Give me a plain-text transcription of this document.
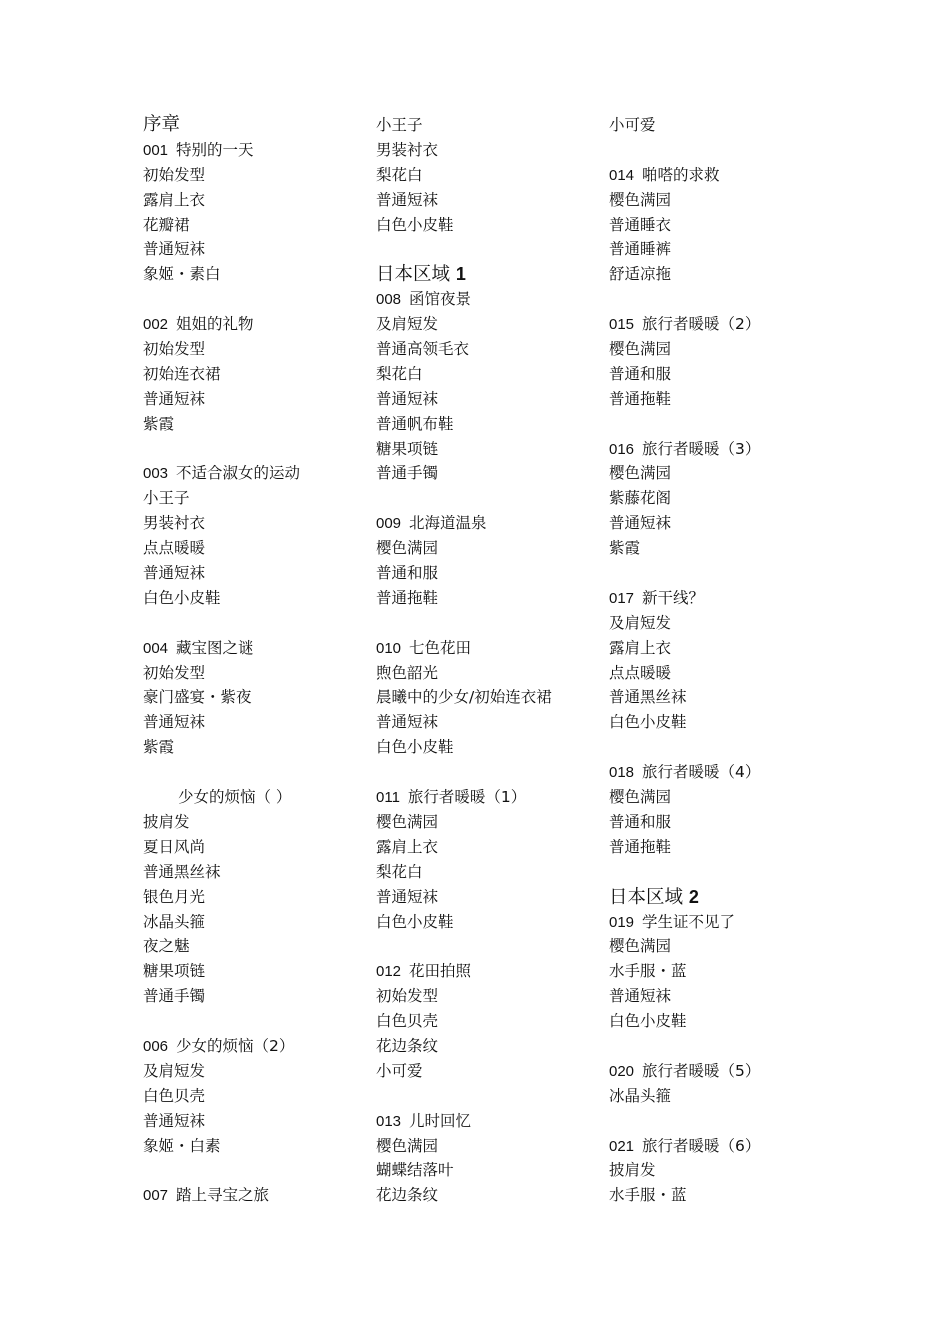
序章
001 特别的一天
初始发型
露肩上衣
花瓣裙
普通短袜
象姬・素白
002 姐姐的礼物
初始发型
初始连衣裙
普通短袜
紫霞
003 不适合淑女的运动
小王子
男装衬衣
点点暖暖
普通短袜
白色小皮鞋
004 藏宝图之谜
初始发型
豪门盛宴・紫夜
普通短袜
紫霞
少女的烦恼（ ）
披肩发
夏日风尚
普通黑丝袜
银色月光
冰晶头箍
夜之魅
糖果项链
普通手镯
006 少女的烦恼（2）
及肩短发
白色贝壳
普通短袜
象姬・白素
007 踏上寻宝之旅
小王子
男装衬衣
梨花白
普通短袜
白色小皮鞋
日本区域 1
008 函馆夜景
及肩短发
普通高领毛衣
梨花白
普通短袜
普通帆布鞋
糖果项链
普通手镯
009 北海道温泉
樱色满园
普通和服
普通拖鞋
010 七色花田
煦色韶光
晨曦中的少女/初始连衣裙
普通短袜
白色小皮鞋
011 旅行者暖暖（1）
樱色满园
露肩上衣
梨花白
普通短袜
白色小皮鞋
012 花田拍照
初始发型
白色贝壳
花边条纹
小可爱
013 儿时回忆
樱色满园
蝴蝶结落叶
花边条纹
小可爱
014 啪嗒的求救
樱色满园
普通睡衣
普通睡裤
舒适凉拖
015 旅行者暖暖（2）
樱色满园
普通和服
普通拖鞋
016 旅行者暖暖（3）
樱色满园
紫藤花阁
普通短袜
紫霞
017 新干线？
及肩短发
露肩上衣
点点暖暖
普通黑丝袜
白色小皮鞋
018 旅行者暖暖（4）
樱色满园
普通和服
普通拖鞋
日本区域 2
019 学生证不见了
樱色满园
水手服・蓝
普通短袜
白色小皮鞋
020 旅行者暖暖（5）
冰晶头箍
021 旅行者暖暖（6）
披肩发
水手服・蓝
